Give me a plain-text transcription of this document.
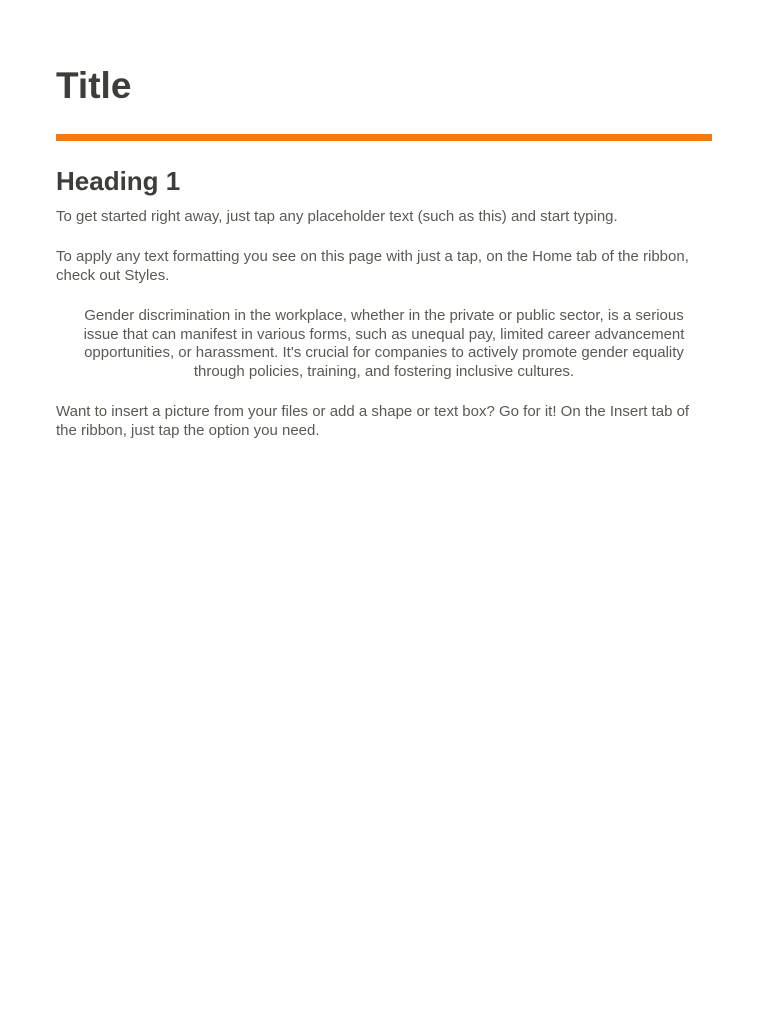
Title
Heading 1

To get started right away, just tap any placeholder text (such as this) and start typing.

To apply any text formatting you see on this page with just a tap, on the Home tab of the ribbon, check out Styles.

Gender discrimination in the workplace, whether in the private or public sector, is a serious issue that can manifest in various forms, such as unequal pay, limited career advancement opportunities, or harassment. It's crucial for companies to actively promote gender equality through policies, training, and fostering inclusive cultures.

Want to insert a picture from your files or add a shape or text box? Go for it! On the Insert tab of the ribbon, just tap the option you need.
